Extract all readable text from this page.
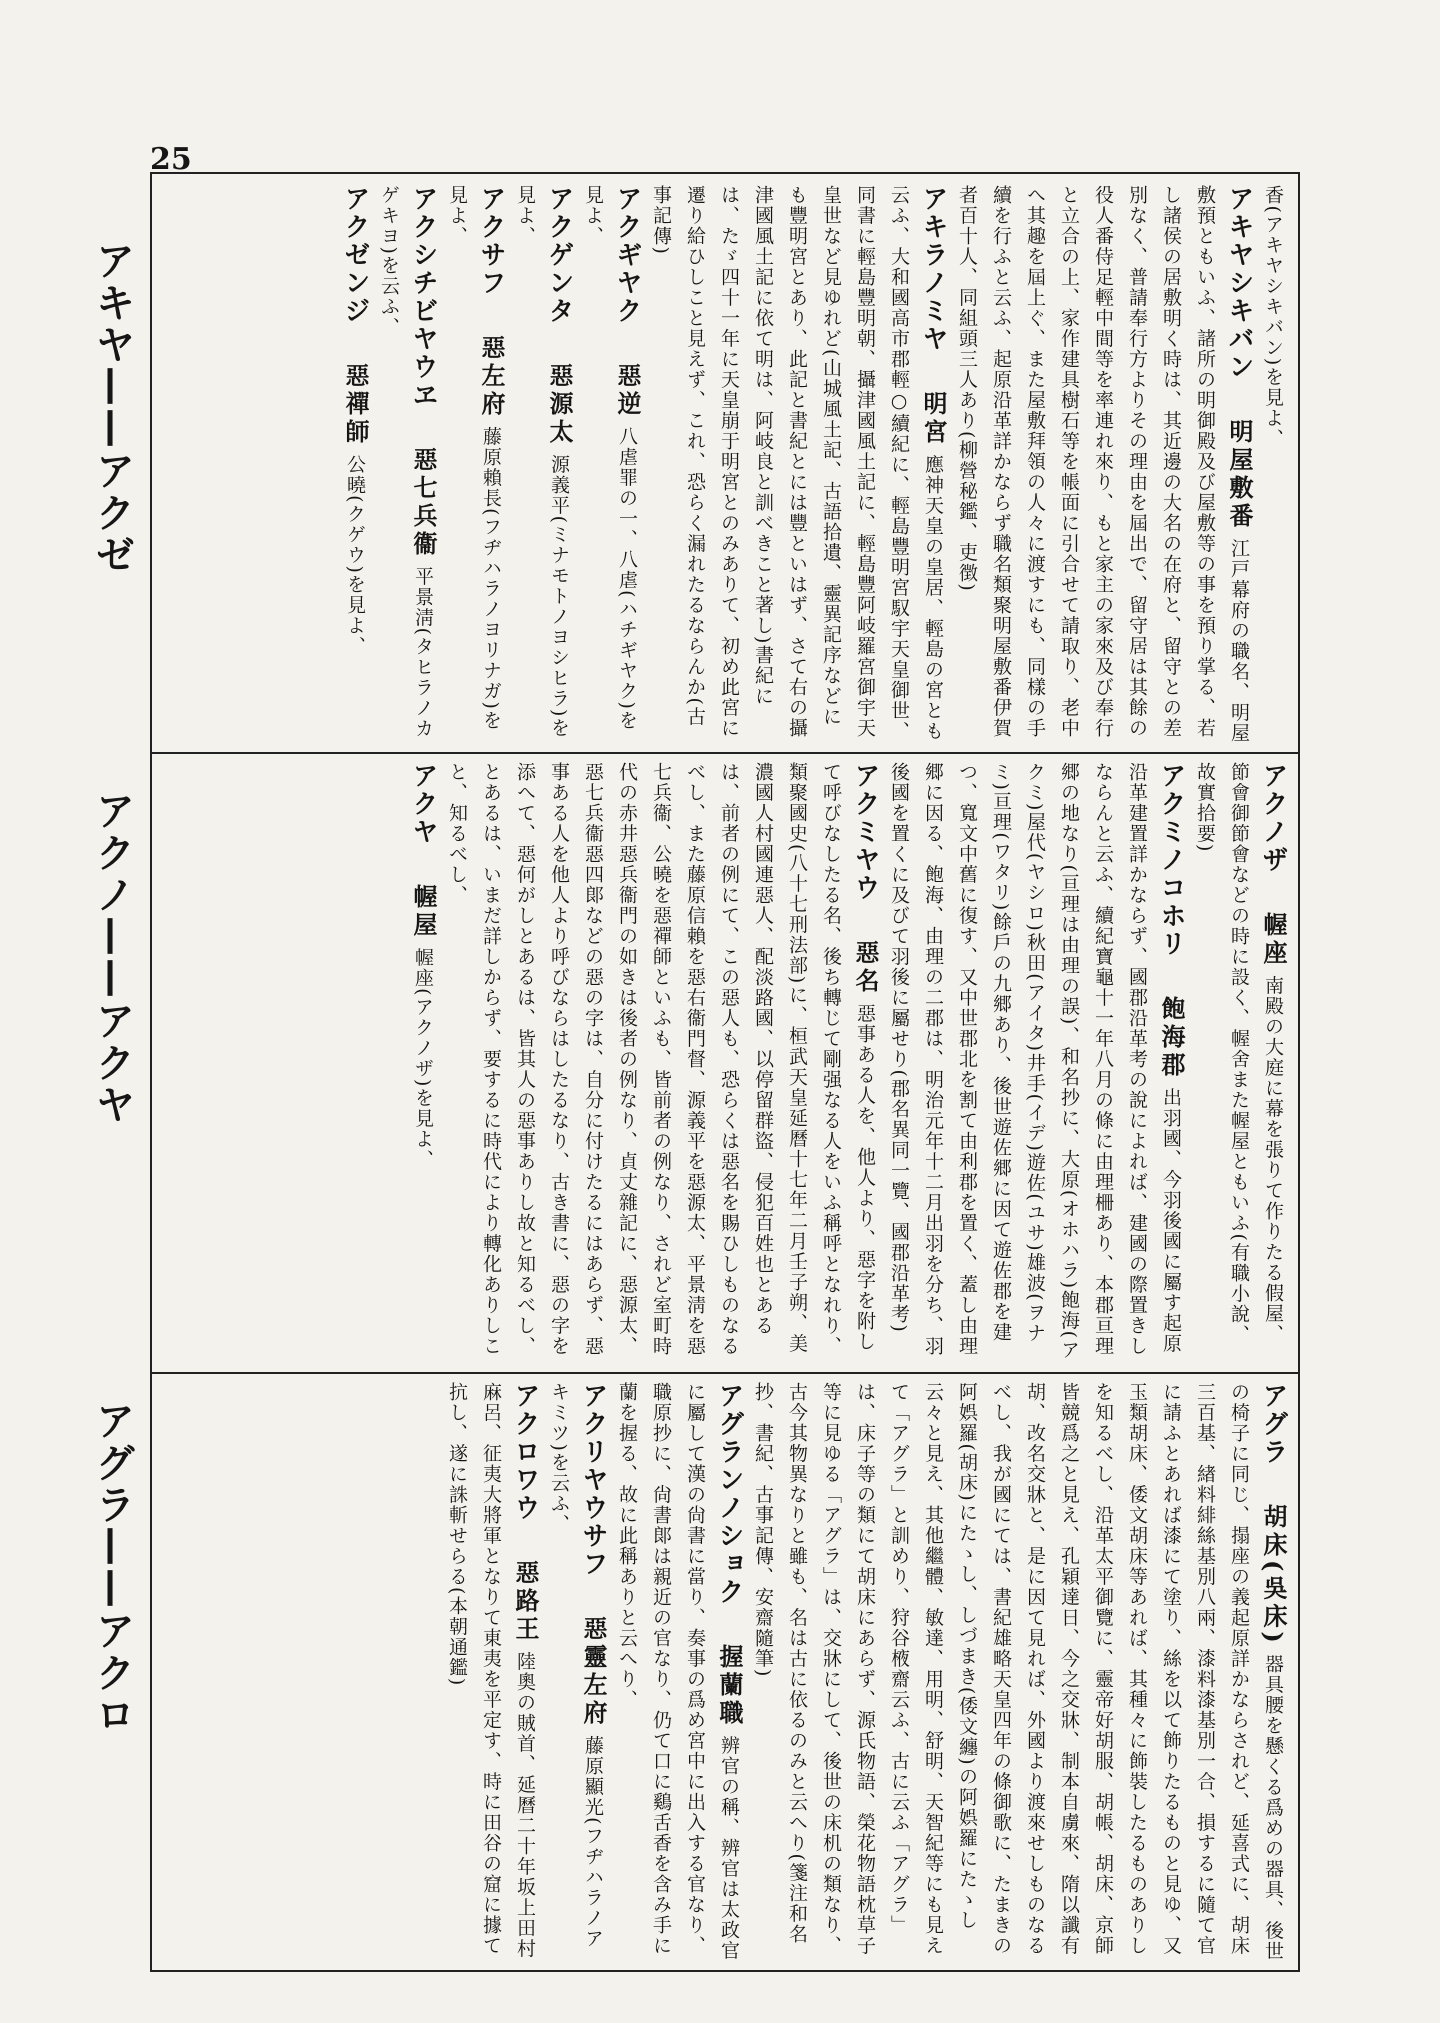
25
アキヤ——アクゼ
アクノ——アクヤ
アグラ——アクロ
香(アキヤシキバン)を見よ、
アキヤシキバン 明屋敷番 江戸幕府の職名、明屋敷預ともいふ、諸所の明御殿及び屋敷等の事を預り掌る、若し諸侯の居敷明く時は、其近邊の大名の在府と、留守との差別なく、普請奉行方よりその理由を屆出で、留守居は其餘の役人番侍足輕中間等を率連れ來り、もと家主の家來及び奉行と立合の上、家作建具樹石等を帳面に引合せて請取り、老中へ其趣を屆上ぐ、また屋敷拜領の人々に渡すにも、同樣の手續を行ふと云ふ、起原沿革詳かならず職名類聚明屋敷番伊賀者百十人、同組頭三人あり(柳營秘鑑、吏徴)
アキラノミヤ 明宮 應神天皇の皇居、輕島の宮とも云ふ、大和國高市郡輕○續紀に、輕島豐明宮馭宇天皇御世、同書に輕島豐明朝、攝津國風土記に、輕島豐阿岐羅宮御宇天皇世など見ゆれど(山城風土記、古語拾遺、靈異記序などにも豐明宮とあり、此記と書紀とには豐といはず、さて右の攝津國風土記に依て明は、阿岐良と訓べきこと著し)書紀には、たゞ四十一年に天皇崩于明宮とのみありて、初め此宮に遷り給ひしこと見えず、これ、恐らく漏れたるならんか(古事記傳)
アクギヤク 惡逆 八虐罪の一、八虐(ハチギヤク)を見よ、
アクゲンタ 惡源太 源義平(ミナモトノヨシヒラ)を見よ、
アクサフ 惡左府 藤原賴長(フヂハラノヨリナガ)を見よ、
アクシチビヤウヱ 惡七兵衞 平景淸(タヒラノカゲキヨ)を云ふ、
アクゼンジ 惡禪師 公曉(クゲウ)を見よ、
アクノザ 幄座 南殿の大庭に幕を張りて作りたる假屋、節會御節會などの時に設く、幄舍また幄屋ともいふ(有職小說、故實拾要)
アクミノコホリ 飽海郡 出羽國、今羽後國に屬す起原沿革建置詳かならず、國郡沿革考の說によれば、建國の際置きしならんと云ふ、續紀寶龜十一年八月の條に由理柵あり、本郡亘理郷の地なり(亘理は由理の誤)、和名抄に、大原(オホハラ)飽海(アクミ)屋代(ヤシロ)秋田(アイタ)井手(イデ)遊佐(ユサ)雄波(ヲナミ)亘理(ワタリ)餘戶の九郷あり、後世遊佐郷に因て遊佐郡を建つ、寬文中舊に復す、又中世郡北を割て由利郡を置く、蓋し由理郷に因る、飽海、由理の二郡は、明治元年十二月出羽を分ち、羽後國を置くに及びて羽後に屬せり(郡名異同一覽、國郡沿革考)
アクミヤウ 惡名 惡事ある人を、他人より、惡字を附して呼びなしたる名、後ち轉じて剛强なる人をいふ稱呼となれり、類聚國史(八十七刑法部)に、桓武天皇延曆十七年二月壬子朔、美濃國人村國連惡人、配淡路國、以停留群盜、侵犯百姓也とあるは、前者の例にて、この惡人も、恐らくは惡名を賜ひしものなるべし、また藤原信賴を惡右衞門督、源義平を惡源太、平景淸を惡七兵衞、公曉を惡禪師といふも、皆前者の例なり、されど室町時代の赤井惡兵衞門の如きは後者の例なり、貞丈雜記に、惡源太、惡七兵衞惡四郞などの惡の字は、自分に付けたるにはあらず、惡事ある人を他人より呼びならはしたるなり、古き書に、惡の字を添へて、惡何がしとあるは、皆其人の惡事ありし故と知るべし、とあるは、いまだ詳しからず、要するに時代により轉化ありしこと、知るべし、
アクヤ 幄屋 幄座(アクノザ)を見よ、
アグラ 胡床(吳床) 器具腰を懸くる爲めの器具、後世の椅子に同じ、搨座の義起原詳かならされど、延喜式に、胡床三百基、緖料緋絲基別八兩、漆料漆基別一合、損するに隨て官に請ふとあれば漆にて塗り、絲を以て飾りたるものと見ゆ、又玉類胡床、倭文胡床等あれば、其種々に飾裝したるものありしを知るべし、沿革太平御覽に、靈帝好胡服、胡帳、胡床、京師皆競爲之と見え、孔穎達日、今之交牀、制本自虜來、隋以讖有胡、改名交牀と、是に因て見れば、外國より渡來せしものなるべし、我が國にては、書紀雄略天皇四年の條御歌に、たまきの阿娯羅(胡床)にたゝし、しづまき(倭文纏)の阿娯羅にたゝし云々と見え、其他繼體、敏達、用明、舒明、天智紀等にも見えて「アグラ」と訓めり、狩谷棭齋云ふ、古に云ふ「アグラ」は、床子等の類にて胡床にあらず、源氏物語、榮花物語枕草子等に見ゆる「アグラ」は、交牀にして、後世の床机の類なり、古今其物異なりと雖も、名は古に依るのみと云へり(箋注和名抄、書紀、古事記傳、安齋隨筆)
アグランノショク 握蘭職 辨官の稱、辨官は太政官に屬して漢の尙書に當り、奏事の爲め宮中に出入する官なり、職原抄に、尙書郞は親近の官なり、仍て口に鷄舌香を含み手に蘭を握る、故に此稱ありと云へり、
アクリヤウサフ 惡靈左府 藤原顯光(フヂハラノアキミツ)を云ふ、
アクロワウ 惡路王 陸奧の賊首、延曆二十年坂上田村麻呂、征夷大將軍となりて東夷を平定す、時に田谷の窟に據て抗し、遂に誅斬せらる(本朝通鑑)
